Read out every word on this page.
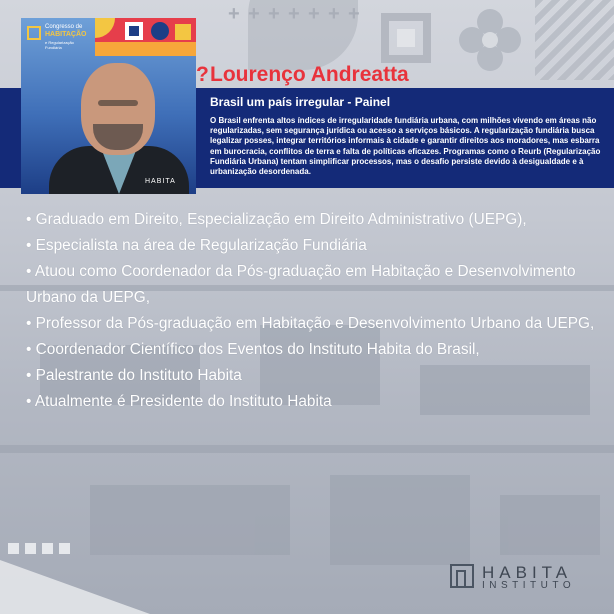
+ + + + + + +
Congresso de
HABITAÇÃO
e Regularização Fundiária
HABITA
? Lourenço Andreatta
Brasil um país irregular - Painel
O Brasil enfrenta altos índices de irregularidade fundiária urbana, com milhões vivendo em áreas não regularizadas, sem segurança jurídica ou acesso a serviços básicos. A regularização fundiária busca legalizar posses, integrar territórios informais à cidade e garantir direitos aos moradores, mas esbarra em burocracia, conflitos de terra e falta de políticas eficazes. Programas como o Reurb (Regularização Fundiária Urbana) tentam simplificar processos, mas o desafio persiste devido à desigualdade e à urbanização desordenada.
• Graduado em Direito, Especialização em Direito Administrativo (UEPG),
• Especialista na área de Regularização Fundiária
• Atuou como Coordenador da Pós-graduação em Habitação e Desenvolvimento Urbano da UEPG,
• Professor da Pós-graduação em Habitação e Desenvolvimento Urbano da UEPG,
• Coordenador Científico dos Eventos do Instituto Habita do Brasil,
• Palestrante do Instituto Habita
• Atualmente é Presidente do Instituto Habita
HABITA
INSTITUTO
